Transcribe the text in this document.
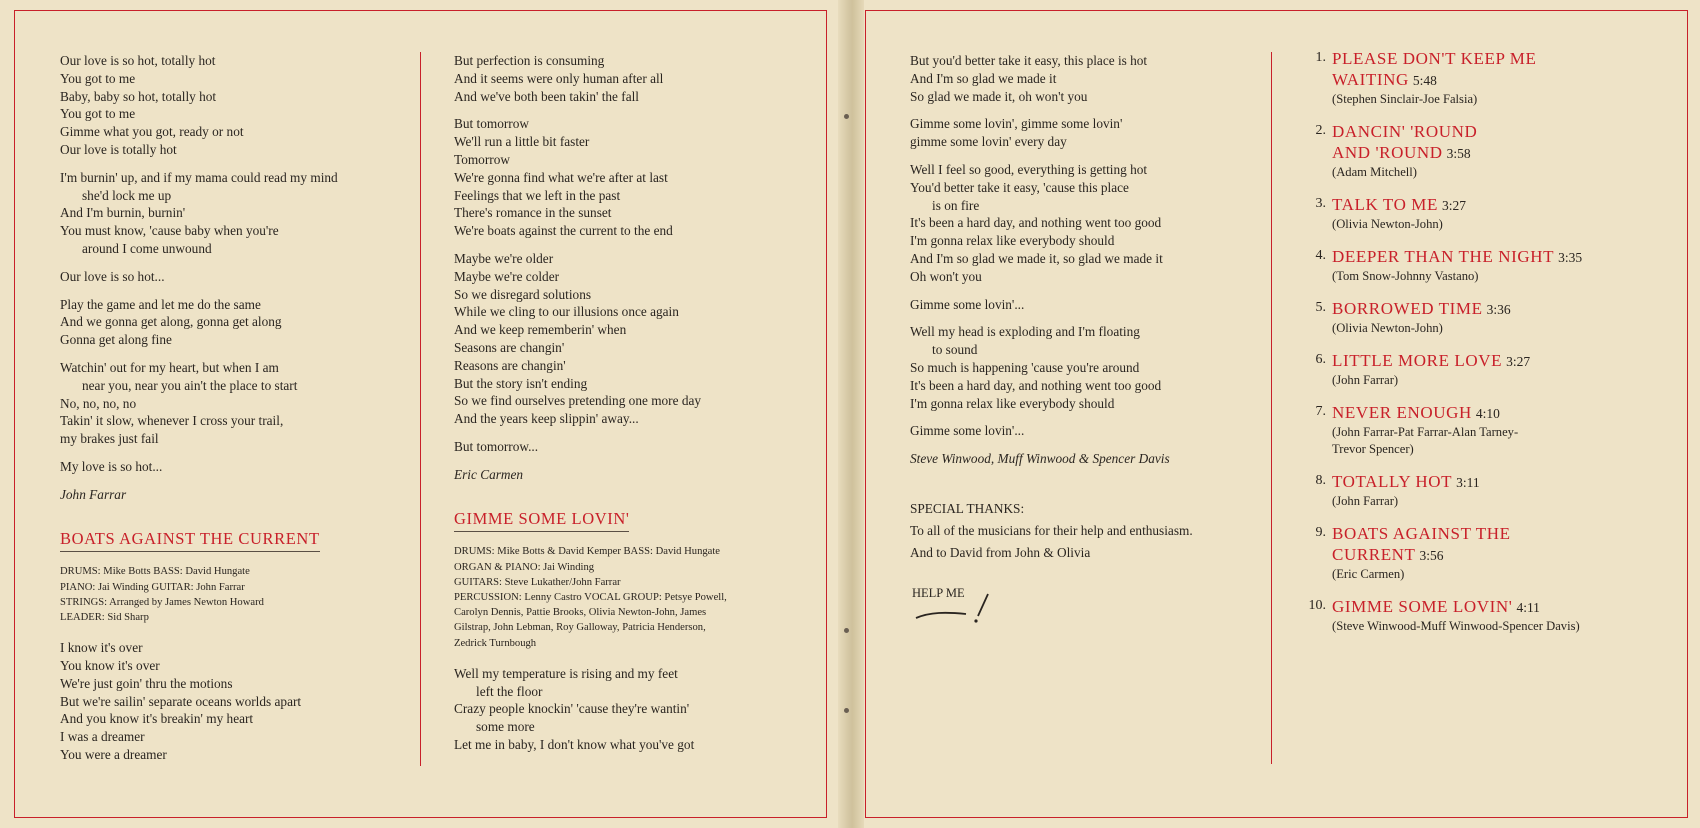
Our love is so hot, totally hot
You got to me
Baby, baby so hot, totally hot
You got to me
Gimme what you got, ready or not
Our love is totally hot

I'm burnin' up, and if my mama could read my mind
she'd lock me up
And I'm burnin, burnin'
You must know, 'cause baby when you're

around I come unwound

Our love is so hot...

Play the game and let me do the same
And we gonna get along, gonna get along
Gonna get along fine

Watchin' out for my heart, but when I am
near you, near you ain't the place to start

No, no, no, no
Takin' it slow, whenever I cross your trail,
my brakes just fail

My love is so hot...

John Farrar

BOATS AGAINST THE CURRENT

DRUMS: Mike Botts BASS: David Hungate
PIANO: Jai Winding GUITAR: John Farrar
STRINGS: Arranged by James Newton Howard
LEADER: Sid Sharp

I know it's over
You know it's over
We're just goin' thru the motions
But we're sailin' separate oceans worlds apart
And you know it's breakin' my heart
I was a dreamer
You were a dreamer

But perfection is consuming
And it seems were only human after all
And we've both been takin' the fall

But tomorrow
We'll run a little bit faster
Tomorrow
We're gonna find what we're after at last
Feelings that we left in the past
There's romance in the sunset
We're boats against the current to the end

Maybe we're older
Maybe we're colder
So we disregard solutions
While we cling to our illusions once again
And we keep rememberin' when
Seasons are changin'
Reasons are changin'
But the story isn't ending
So we find ourselves pretending one more day
And the years keep slippin' away...

But tomorrow...

Eric Carmen

GIMME SOME LOVIN'

DRUMS: Mike Botts & David Kemper BASS: David Hungate
ORGAN & PIANO: Jai Winding
GUITARS: Steve Lukather/John Farrar
PERCUSSION: Lenny Castro VOCAL GROUP: Petsye Powell,
Carolyn Dennis, Pattie Brooks, Olivia Newton-John, James
Gilstrap, John Lebman, Roy Galloway, Patricia Henderson,
Zedrick Turnbough

Well my temperature is rising and my feet
left the floor
Crazy people knockin' 'cause they're wantin'
some more
Let me in baby, I don't know what you've got

But you'd better take it easy, this place is hot
And I'm so glad we made it
So glad we made it, oh won't you

Gimme some lovin', gimme some lovin'
gimme some lovin' every day

Well I feel so good, everything is getting hot
You'd better take it easy, 'cause this place
is on fire

It's been a hard day, and nothing went too good
I'm gonna relax like everybody should
And I'm so glad we made it, so glad we made it
Oh won't you

Gimme some lovin'...

Well my head is exploding and I'm floating
to sound

So much is happening 'cause you're around
It's been a hard day, and nothing went too good
I'm gonna relax like everybody should

Gimme some lovin'...

Steve Winwood, Muff Winwood & Spencer Davis

SPECIAL THANKS:
To all of the musicians for their help and enthusiasm.
And to David from John & Olivia
HELP ME
1. PLEASE DON'T KEEP ME WAITING 5:48
(Stephen Sinclair-Joe Falsia)
2. DANCIN' 'ROUND AND 'ROUND 3:58
(Adam Mitchell)
3. TALK TO ME 3:27
(Olivia Newton-John)
4. DEEPER THAN THE NIGHT 3:35
(Tom Snow-Johnny Vastano)
5. BORROWED TIME 3:36
(Olivia Newton-John)
6. LITTLE MORE LOVE 3:27
(John Farrar)
7. NEVER ENOUGH 4:10
(John Farrar-Pat Farrar-Alan Tarney-
Trevor Spencer)
8. TOTALLY HOT 3:11
(John Farrar)
9. BOATS AGAINST THE CURRENT 3:56
(Eric Carmen)
10. GIMME SOME LOVIN' 4:11
(Steve Winwood-Muff Winwood-Spencer Davis)
